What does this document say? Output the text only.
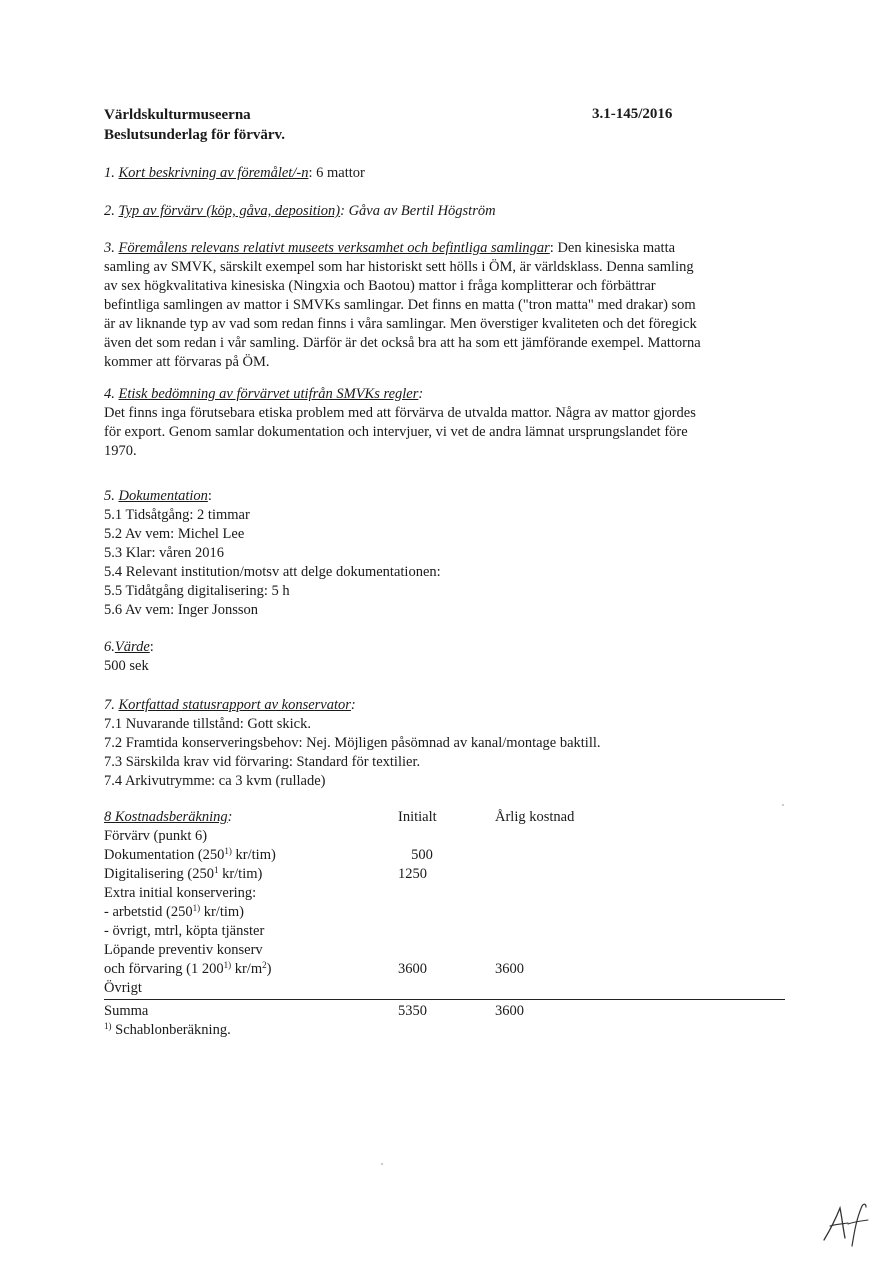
Världskulturmuseerna
Beslutsunderlag för förvärv.
3.1-145/2016
1. Kort beskrivning av föremålet/-n: 6 mattor
2. Typ av förvärv (köp, gåva, deposition): Gåva av Bertil Högström
3. Föremålens relevans relativt museets verksamhet och befintliga samlingar: Den kinesiska matta
samling av SMVK, särskilt exempel som har historiskt sett hölls i ÖM, är världsklass. Denna samling
av sex högkvalitativa kinesiska (Ningxia och Baotou) mattor i fråga komplitterar och förbättrar
befintliga samlingen av mattor i SMVKs samlingar. Det finns en matta ("tron matta" med drakar) som
är av liknande typ av vad som redan finns i våra samlingar. Men överstiger kvaliteten och det föregick
även det som redan i vår samling. Därför är det också bra att ha som ett jämförande exempel. Mattorna
kommer att förvaras på ÖM.
4. Etisk bedömning av förvärvet utifrån SMVKs regler:
Det finns inga förutsebara etiska problem med att förvärva de utvalda mattor. Några av mattor gjordes
för export. Genom samlar dokumentation och intervjuer, vi vet de andra lämnat ursprungslandet före
1970.
5. Dokumentation:
5.1 Tidsåtgång: 2 timmar
5.2 Av vem: Michel Lee
5.3 Klar: våren 2016
5.4 Relevant institution/motsv att delge dokumentationen:
5.5 Tidåtgång digitalisering: 5 h
5.6 Av vem: Inger Jonsson
6.Värde:
500 sek
7. Kortfattad statusrapport av konservator:
7.1 Nuvarande tillstånd: Gott skick.
7.2 Framtida konserveringsbehov: Nej. Möjligen påsömnad av kanal/montage baktill.
7.3 Särskilda krav vid förvaring: Standard för textilier.
7.4 Arkivutrymme: ca 3 kvm (rullade)
8 Kostnadsberäkning:	Initialt	Årlig kostnad
Förvärv (punkt 6)
Dokumentation (250$^{1)}$ kr/tim)	500
Digitalisering ($250^1$ kr/tim)	1250
Extra initial konservering:
- arbetstid (250$^{1)}$ kr/tim)
- övrigt, mtrl, köpta tjänster
Löpande preventiv konserv
och förvaring (1 200$^{1)}$ $kr/m^2$)	3600	3600
Övrigt
Summa	5350	3600
$^{1)}$ Schablonberäkning.
